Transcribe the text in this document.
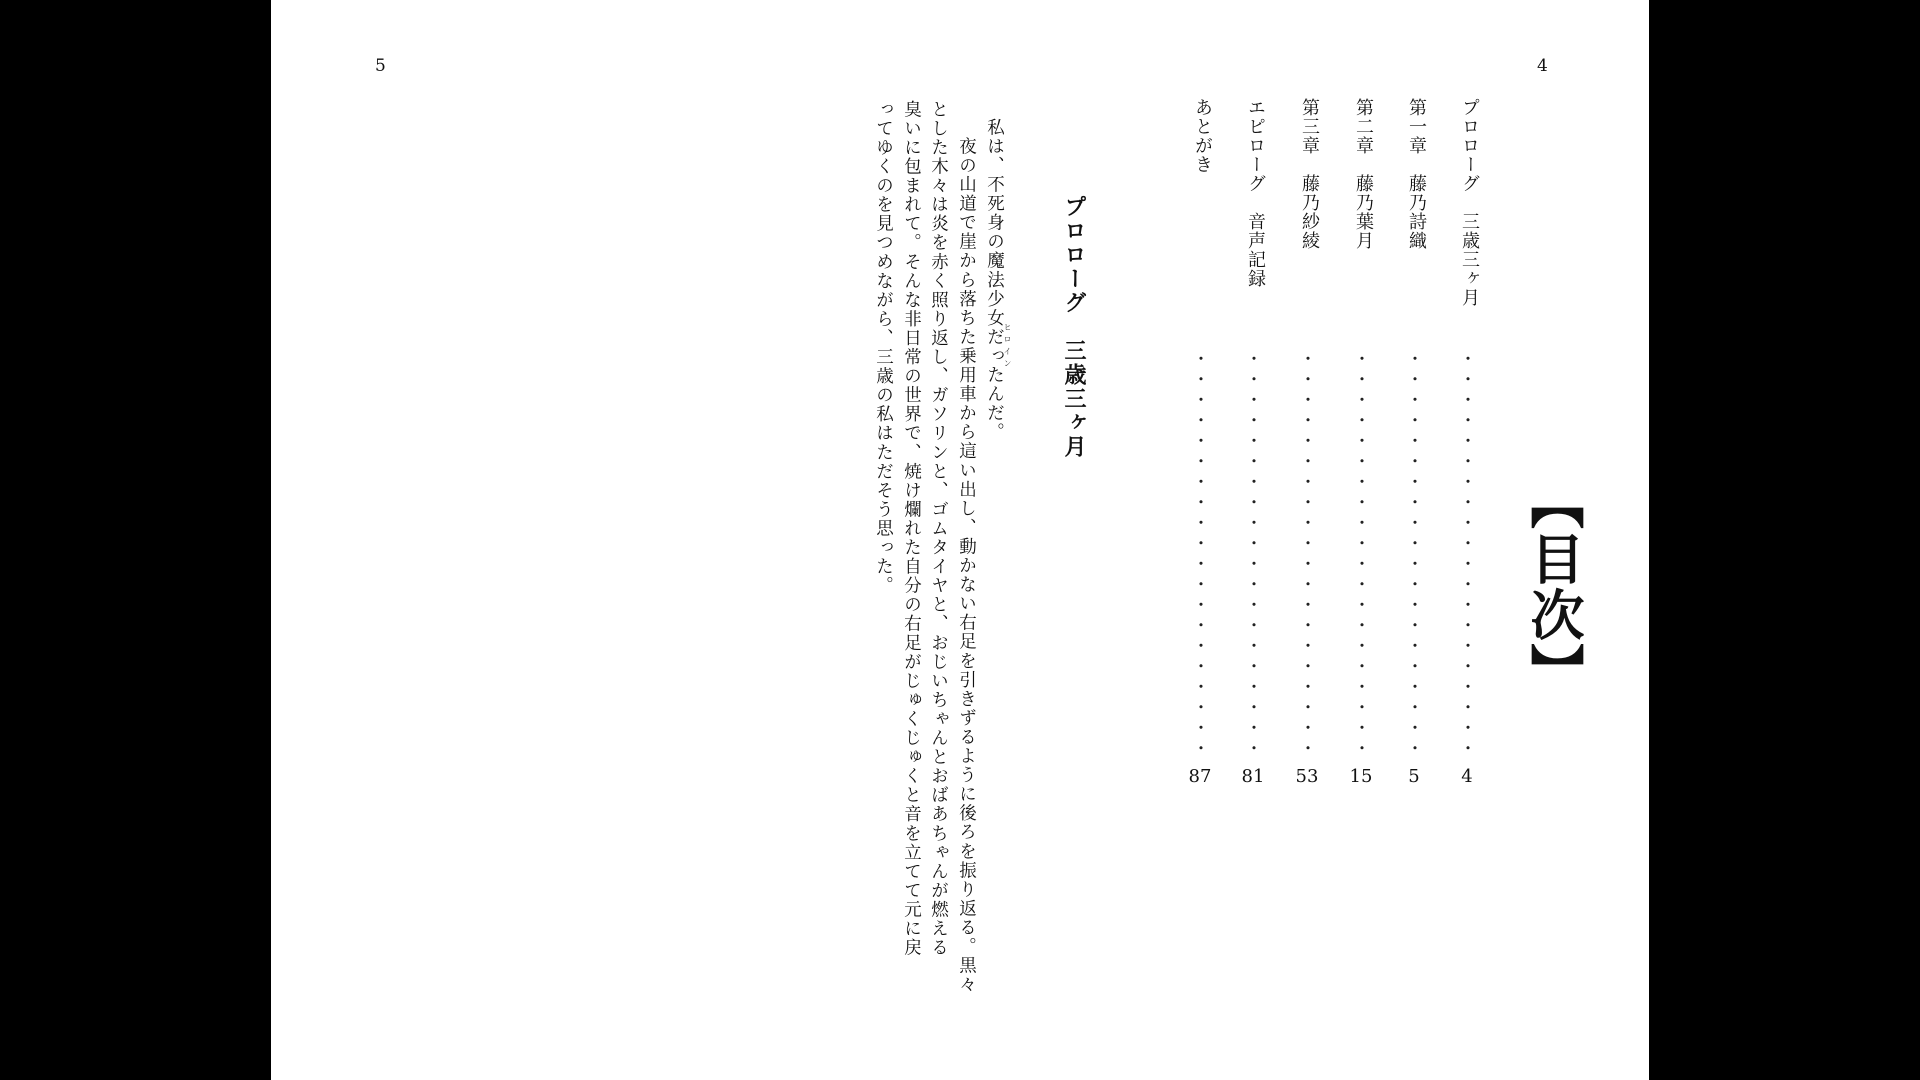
5
プロローグ　三歳三ヶ月
ヒロイン
私は、不死身の魔法少女だったんだ。
　夜の山道で崖から落ちた乗用車から這い出し、動かない右足を引きずるように後ろを振り返る。黒々
とした木々は炎を赤く照り返し、ガソリンと、ゴムタイヤと、おじいちゃんとおばあちゃんが燃える
臭いに包まれて。そんな非日常の世界で、焼け爛れた自分の右足がじゅくじゅくと音を立てて元に戻
ってゆくのを見つめながら、三歳の私はただそう思った。
4
【目次】
プロローグ　三歳三ヶ月
4
第一章　藤乃詩織
5
第二章　藤乃葉月
15
第三章　藤乃紗綾
53
エピローグ　音声記録
81
あとがき
87
